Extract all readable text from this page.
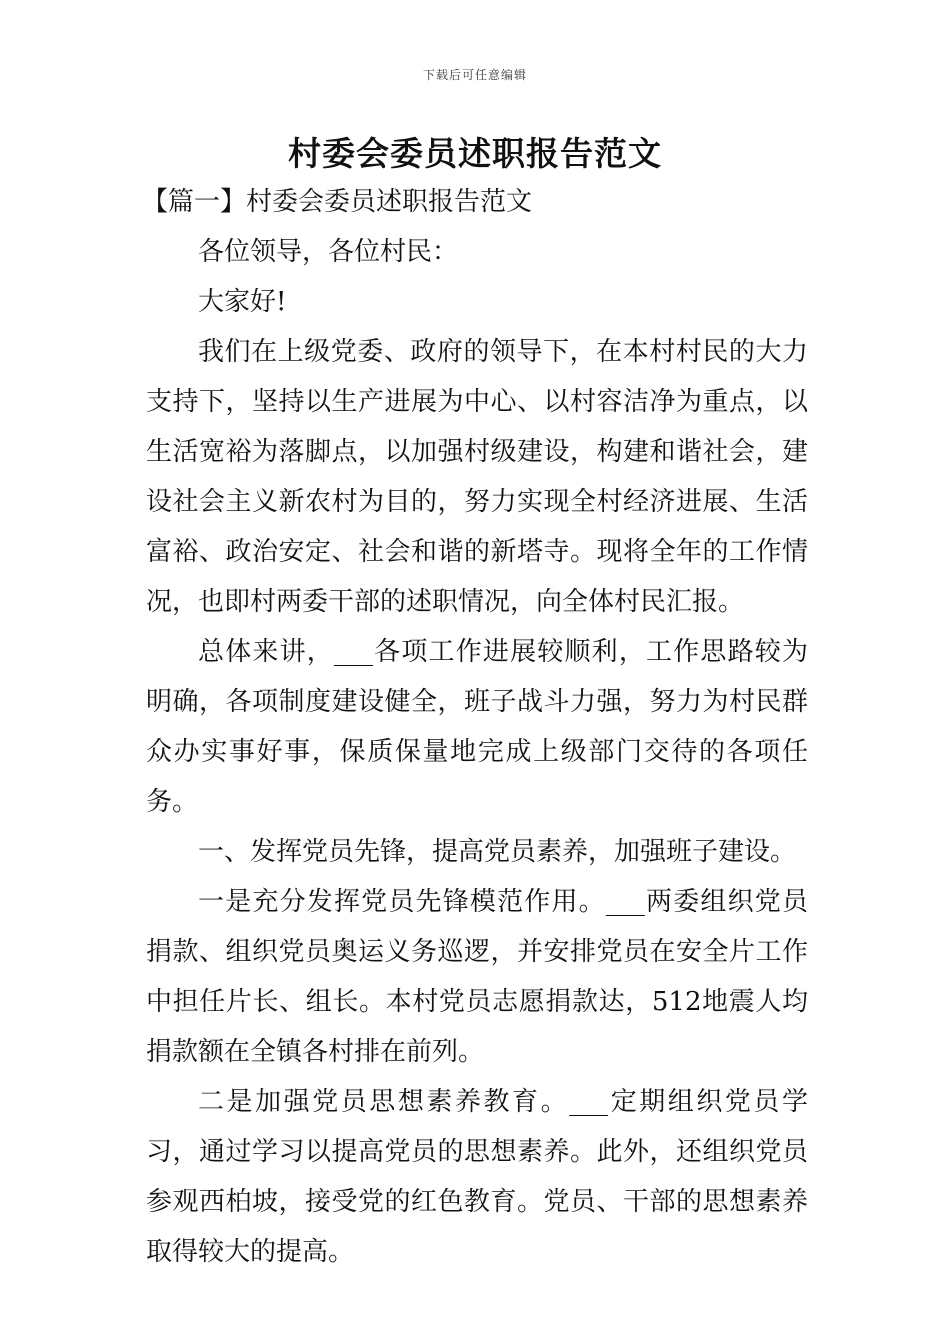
下载后可任意编辑
村委会委员述职报告范文
【篇一】村委会委员述职报告范文

各位领导，各位村民：

大家好!

我们在上级党委、政府的领导下，在本村村民的大力支持下，坚持以生产进展为中心、以村容洁净为重点，以生活宽裕为落脚点，以加强村级建设，构建和谐社会，建设社会主义新农村为目的，努力实现全村经济进展、生活富裕、政治安定、社会和谐的新塔寺。现将全年的工作情况，也即村两委干部的述职情况，向全体村民汇报。

总体来讲，___各项工作进展较顺利，工作思路较为明确，各项制度建设健全，班子战斗力强，努力为村民群众办实事好事，保质保量地完成上级部门交待的各项任务。

一、发挥党员先锋，提高党员素养，加强班子建设。

一是充分发挥党员先锋模范作用。___两委组织党员捐款、组织党员奥运义务巡逻，并安排党员在安全片工作中担任片长、组长。本村党员志愿捐款达，512地震人均捐款额在全镇各村排在前列。

二是加强党员思想素养教育。___定期组织党员学习，通过学习以提高党员的思想素养。此外，还组织党员参观西柏坡，接受党的红色教育。党员、干部的思想素养取得较大的提高。
